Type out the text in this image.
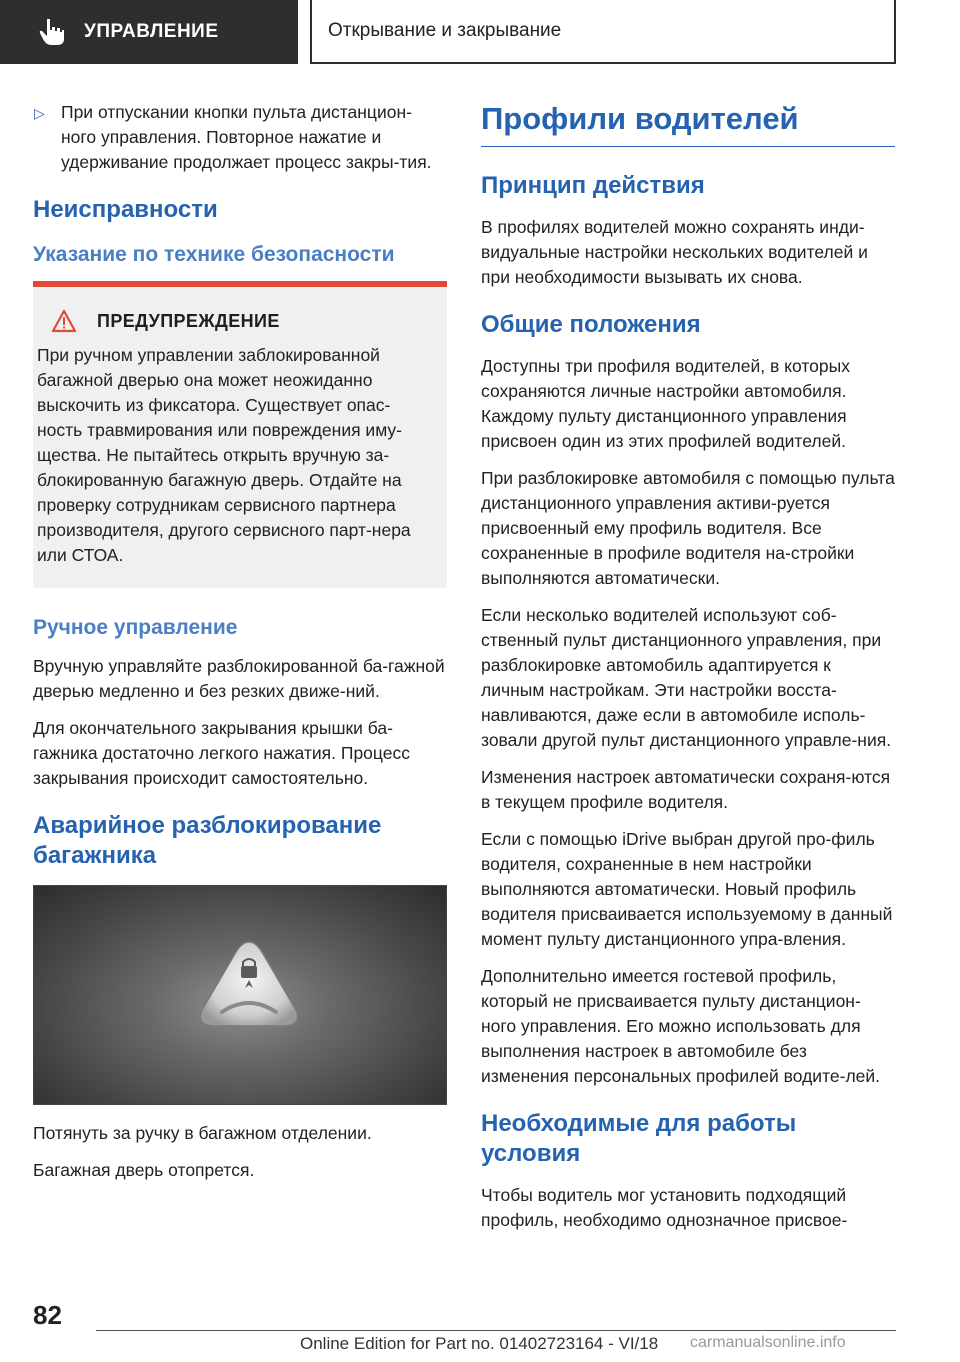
УПРАВЛЕНИЕ	Открывание и закрывание

▷ При отпускании кнопки пульта дистанцион-ного управления. Повторное нажатие и удерживание продолжает процесс закры-тия.

Неисправности
Указание по технике безопасности
ПРЕДУПРЕЖДЕНИЕ

При ручном управлении заблокированной багажной дверью она может неожиданно выскочить из фиксатора. Существует опас-ность травмирования или повреждения иму-щества. Не пытайтесь открыть вручную за-блокированную багажную дверь. Отдайте на проверку сотрудникам сервисного партнера производителя, другого сервисного парт-нера или СТОА.

Ручное управление

Вручную управляйте разблокированной ба-гажной дверью медленно и без резких движе-ний.

Для окончательного закрывания крышки ба-гажника достаточно легкого нажатия. Процесс закрывания происходит самостоятельно.

Аварийное разблокирование багажника

Потянуть за ручку в багажном отделении.

Багажная дверь отопрется.

Профили водителей
Принцип действия

В профилях водителей можно сохранять инди-видуальные настройки нескольких водителей и при необходимости вызывать их снова.

Общие положения

Доступны три профиля водителей, в которых сохраняются личные настройки автомобиля. Каждому пульту дистанционного управления присвоен один из этих профилей водителей.

При разблокировке автомобиля с помощью пульта дистанционного управления активи-руется присвоенный ему профиль водителя. Все сохраненные в профиле водителя на-стройки выполняются автоматически.

Если несколько водителей используют соб-ственный пульт дистанционного управления, при разблокировке автомобиль адаптируется к личным настройкам. Эти настройки восста-навливаются, даже если в автомобиле исполь-зовали другой пульт дистанционного управле-ния.

Изменения настроек автоматически сохраня-ются в текущем профиле водителя.

Если с помощью iDrive выбран другой про-филь водителя, сохраненные в нем настройки выполняются автоматически. Новый профиль водителя присваивается используемому в данный момент пульту дистанционного упра-вления.

Дополнительно имеется гостевой профиль, который не присваивается пульту дистанцион-ного управления. Его можно использовать для выполнения настроек в автомобиле без изменения персональных профилей водите-лей.

Необходимые для работы условия

Чтобы водитель мог установить подходящий профиль, необходимо однозначное присвое-

82
Online Edition for Part no. 01402723164 - VI/18 carmanualsonline.info
